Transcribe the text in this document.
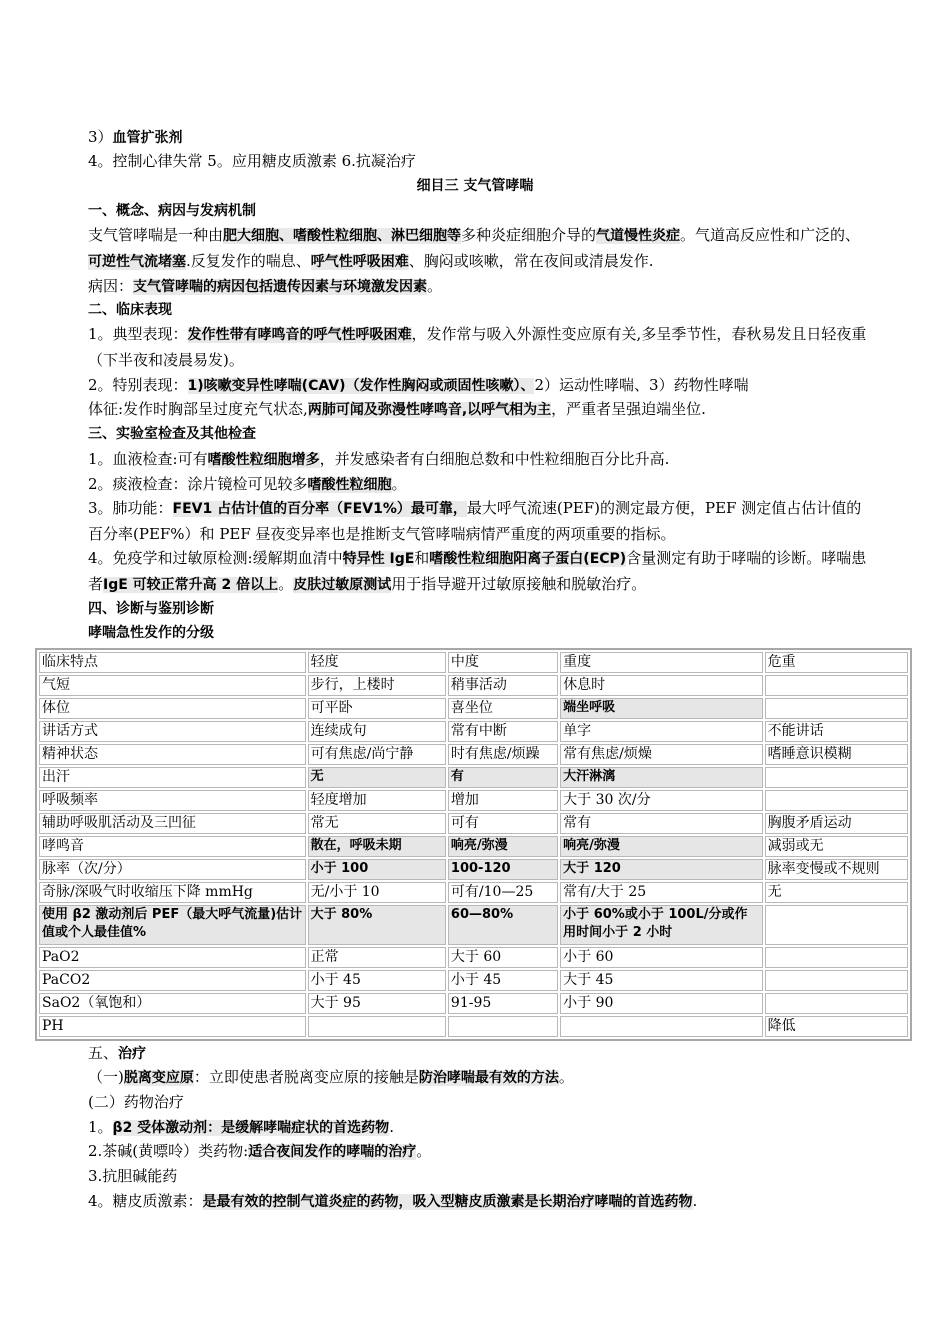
3）血管扩张剂
4。控制心律失常 5。应用糖皮质激素 6.抗凝治疗
细目三 支气管哮喘
一、概念、病因与发病机制
支气管哮喘是一种由肥大细胞、嗜酸性粒细胞、淋巴细胞等多种炎症细胞介导的气道慢性炎症。气道高反应性和广泛的、可逆性气流堵塞.反复发作的喘息、呼气性呼吸困难、胸闷或咳嗽，常在夜间或清晨发作.
病因：支气管哮喘的病因包括遗传因素与环境激发因素。
二、临床表现
1。典型表现：发作性带有哮鸣音的呼气性呼吸困难，发作常与吸入外源性变应原有关,多呈季节性，春秋易发且日轻夜重（下半夜和凌晨易发)。
2。特别表现：1)咳嗽变异性哮喘(CAV)（发作性胸闷或顽固性咳嗽）、2）运动性哮喘、3）药物性哮喘
体征:发作时胸部呈过度充气状态,两肺可闻及弥漫性哮鸣音,以呼气相为主，严重者呈强迫端坐位.
三、实验室检查及其他检查
1。血液检查:可有嗜酸性粒细胞增多，并发感染者有白细胞总数和中性粒细胞百分比升高.
2。痰液检查：涂片镜检可见较多嗜酸性粒细胞。
3。肺功能：FEV1 占估计值的百分率（FEV1%）最可靠，最大呼气流速(PEF)的测定最方便，PEF 测定值占估计值的百分率(PEF%）和 PEF 昼夜变异率也是推断支气管哮喘病情严重度的两项重要的指标。
4。免疫学和过敏原检测:缓解期血清中特异性 IgE和嗜酸性粒细胞阳离子蛋白(ECP)含量测定有助于哮喘的诊断。哮喘患者IgE 可较正常升高 2 倍以上。皮肤过敏原测试用于指导避开过敏原接触和脱敏治疗。
四、诊断与鉴别诊断
哮喘急性发作的分级
临床特点	轻度	中度	重度	危重
气短	步行，上楼时	稍事活动	休息时	
体位	可平卧	喜坐位	端坐呼吸	
讲话方式	连续成句	常有中断	单字	不能讲话
精神状态	可有焦虑/尚宁静	时有焦虑/烦躁	常有焦虑/烦燥	嗜睡意识模糊
出汗	无	有	大汗淋漓	
呼吸频率	轻度增加	增加	大于 30 次/分	
辅助呼吸肌活动及三凹征	常无	可有	常有	胸腹矛盾运动
哮鸣音	散在，呼吸未期	响亮/弥漫	响亮/弥漫	减弱或无
脉率（次/分）	小于 100	100-120	大于 120	脉率变慢或不规则
奇脉/深吸气时收缩压下降 mmHg	无/小于 10	可有/10—25	常有/大于 25	无
使用 β2 激动剂后 PEF（最大呼气流量)估计值或个人最佳值%	大于 80%	60—80%	小于 60%或小于 100L/分或作用时间小于 2 小时	
PaO2	正常	大于 60	小于 60	
PaCO2	小于 45	小于 45	大于 45	
SaO2（氧饱和）	大于 95	91-95	小于 90	
PH				降低
五、治疗
（一)脱离变应原：立即使患者脱离变应原的接触是防治哮喘最有效的方法。
(二）药物治疗
1。β2 受体激动剂：是缓解哮喘症状的首选药物.
2.茶碱(黄嘌呤）类药物:适合夜间发作的哮喘的治疗。
3.抗胆碱能药
4。糖皮质激素：是最有效的控制气道炎症的药物，吸入型糖皮质激素是长期治疗哮喘的首选药物.
